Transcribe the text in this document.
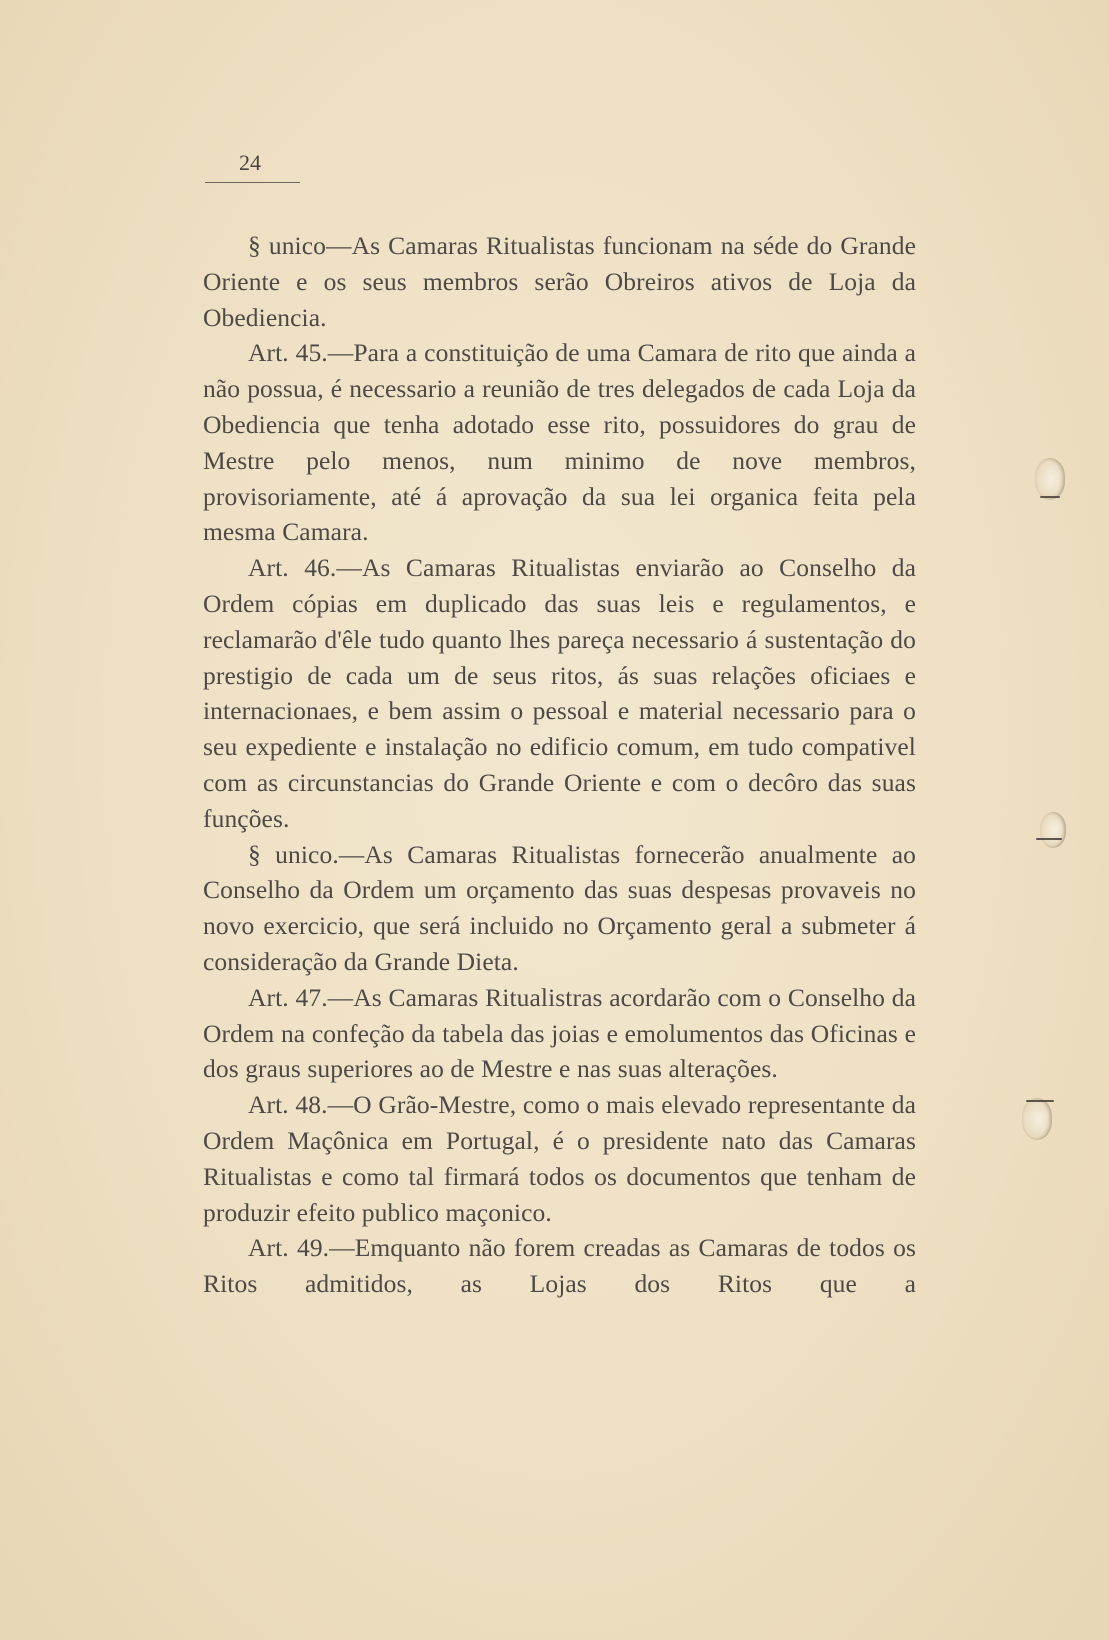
24

§ unico—As Camaras Ritualistas funcionam na séde do Grande Oriente e os seus membros serão Obreiros ativos de Loja da Obediencia.

Art. 45.—Para a constituição de uma Camara de rito que ainda a não possua, é necessario a reunião de tres delegados de cada Loja da Obediencia que tenha adotado esse rito, possuidores do grau de Mestre pelo menos, num minimo de nove membros, provisoriamente, até á aprovação da sua lei organica feita pela mesma Camara.

Art. 46.—As Camaras Ritualistas enviarão ao Conselho da Ordem cópias em duplicado das suas leis e regulamentos, e reclamarão d'êle tudo quanto lhes pareça necessario á sustentação do prestigio de cada um de seus ritos, ás suas relações oficiaes e internacionaes, e bem assim o pessoal e material necessario para o seu expediente e instalação no edificio comum, em tudo compativel com as circunstancias do Grande Oriente e com o decôro das suas funções.

§ unico.—As Camaras Ritualistas fornecerão anualmente ao Conselho da Ordem um orçamento das suas despesas provaveis no novo exercicio, que será incluido no Orçamento geral a submeter á consideração da Grande Dieta.

Art. 47.—As Camaras Ritualistras acordarão com o Conselho da Ordem na confeção da tabela das joias e emolumentos das Oficinas e dos graus superiores ao de Mestre e nas suas alterações.

Art. 48.—O Grão-Mestre, como o mais elevado representante da Ordem Maçônica em Portugal, é o presidente nato das Camaras Ritualistas e como tal firmará todos os documentos que tenham de produzir efeito publico maçonico.

Art. 49.—Emquanto não forem creadas as Camaras de todos os Ritos admitidos, as Lojas dos Ritos que a
